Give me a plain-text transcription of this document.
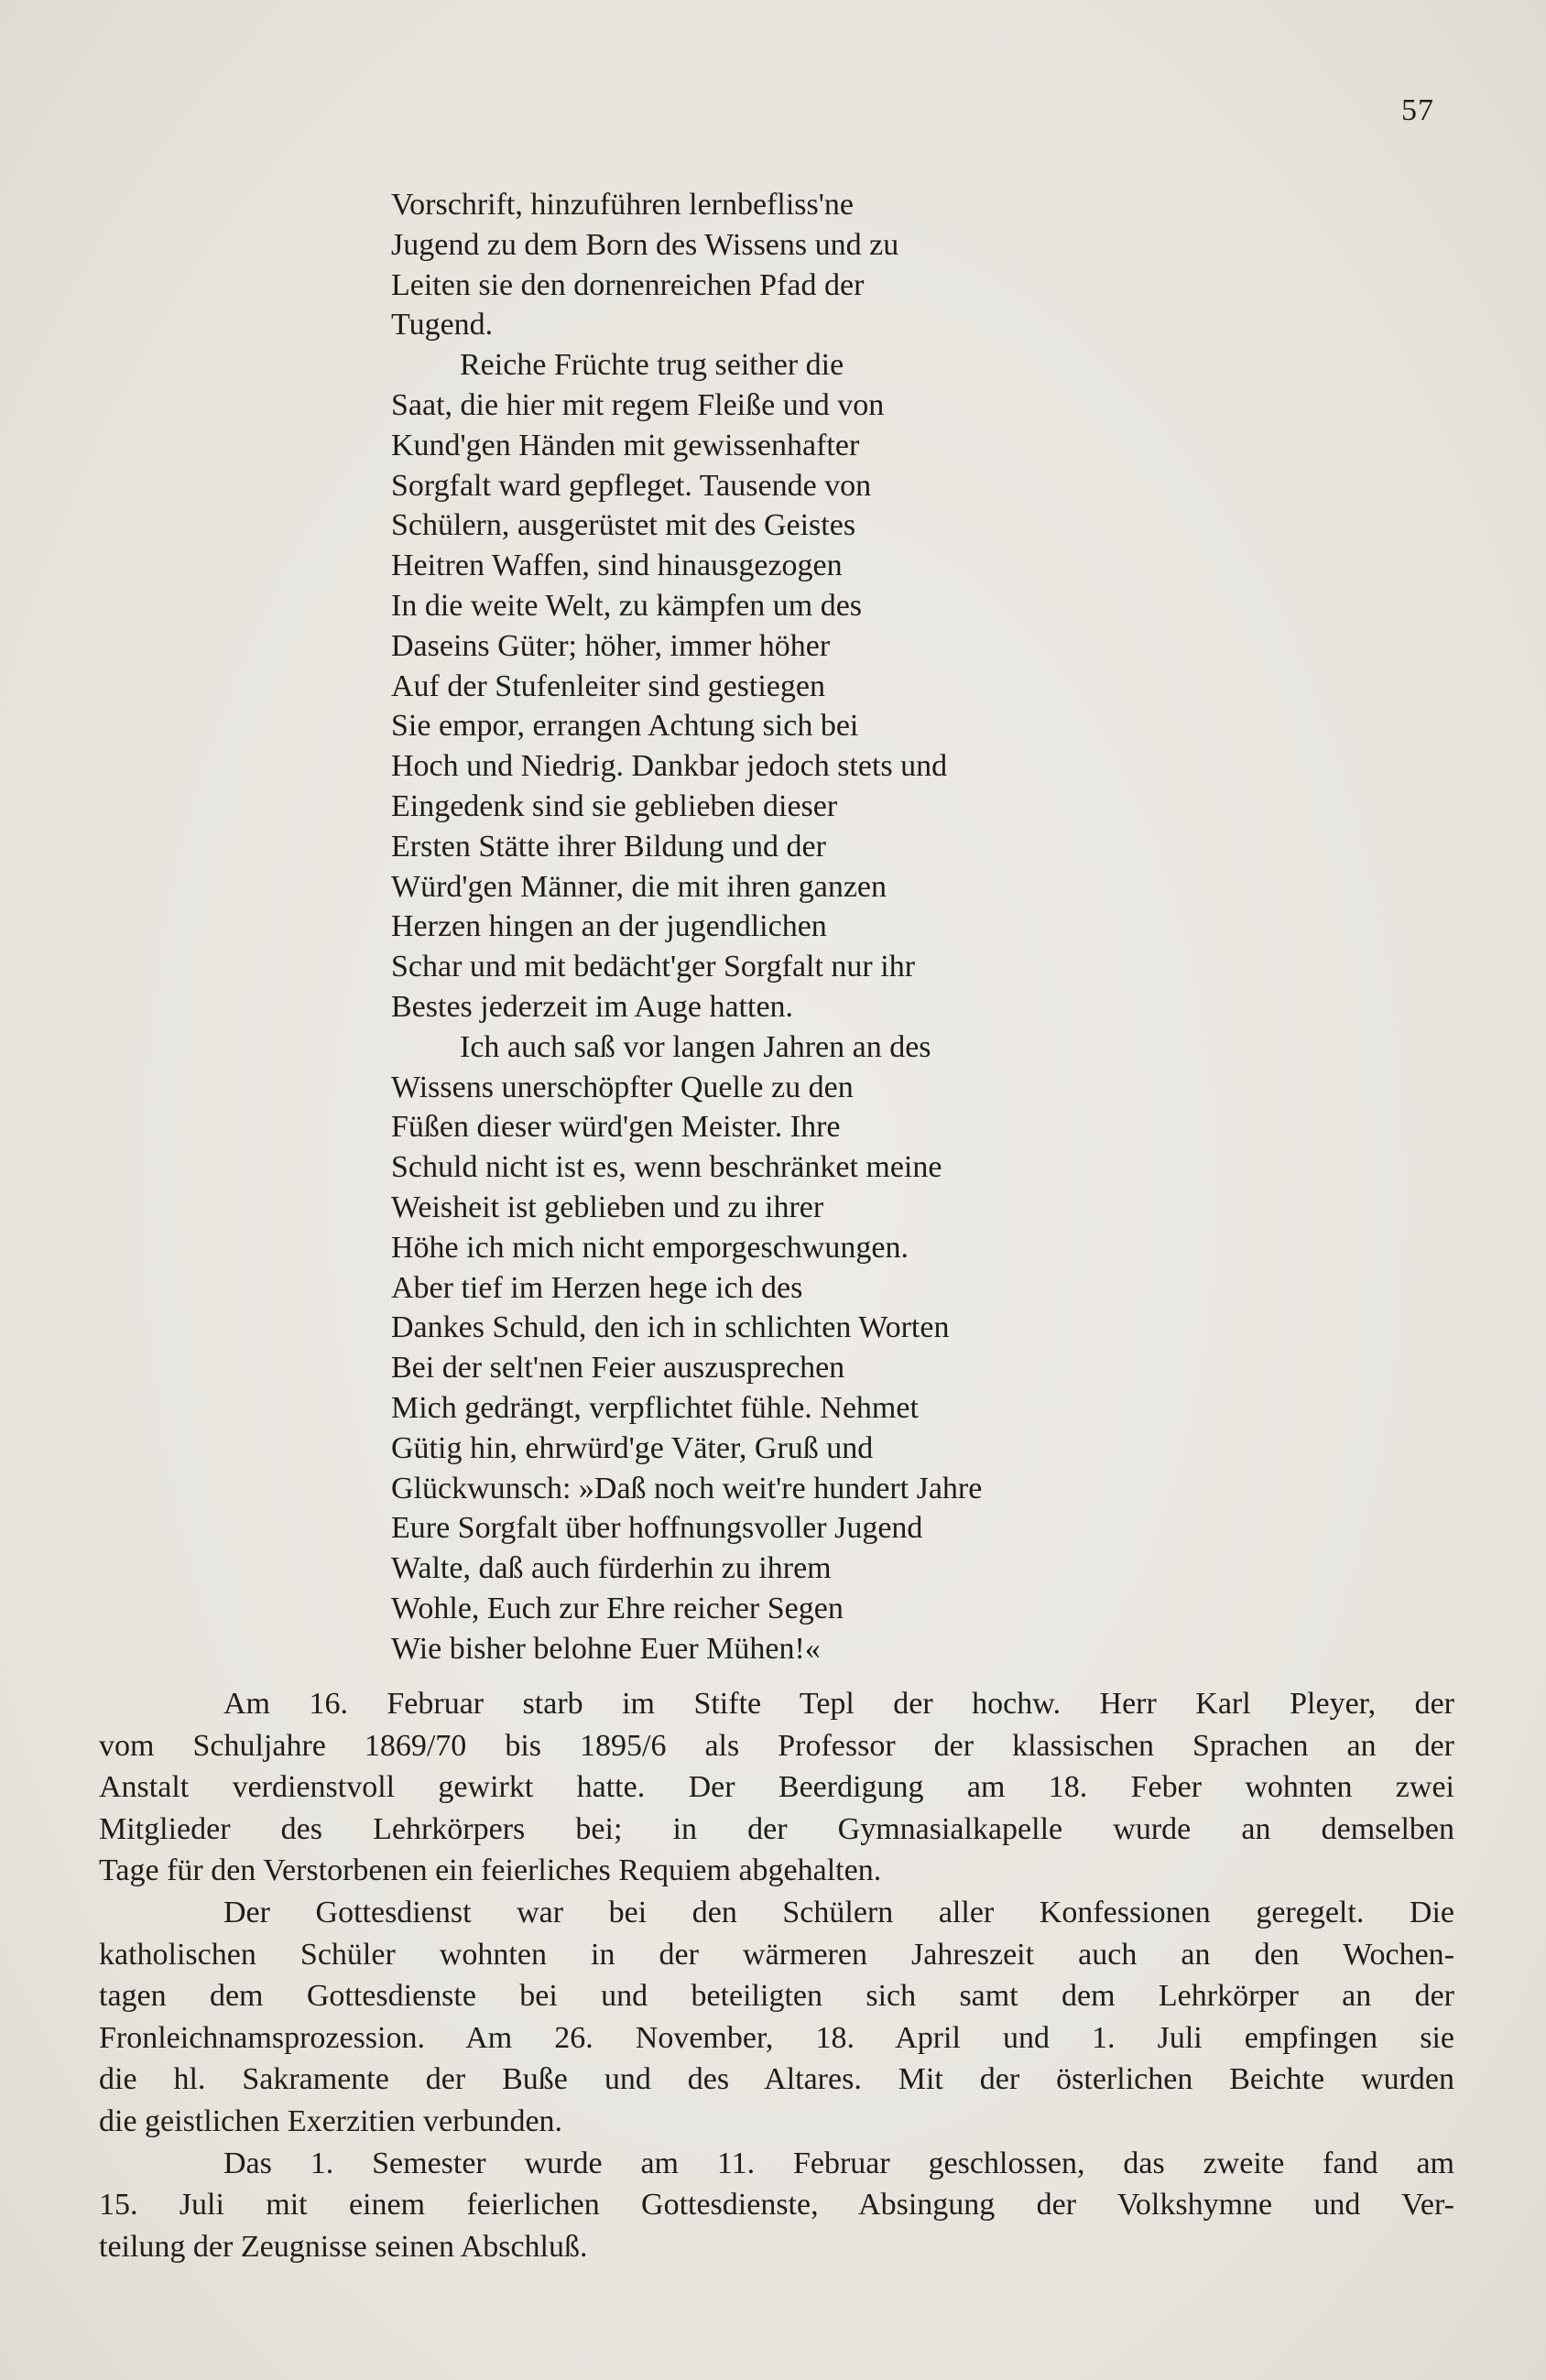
57
Vorschrift, hinzuführen lernbefliss'ne
Jugend zu dem Born des Wissens und zu
Leiten sie den dornenreichen Pfad der
Tugend.
Reiche Früchte trug seither die
Saat, die hier mit regem Fleiße und von
Kund'gen Händen mit gewissenhafter
Sorgfalt ward gepfleget. Tausende von
Schülern, ausgerüstet mit des Geistes
Heitren Waffen, sind hinausgezogen
In die weite Welt, zu kämpfen um des
Daseins Güter; höher, immer höher
Auf der Stufenleiter sind gestiegen
Sie empor, errangen Achtung sich bei
Hoch und Niedrig. Dankbar jedoch stets und
Eingedenk sind sie geblieben dieser
Ersten Stätte ihrer Bildung und der
Würd'gen Männer, die mit ihren ganzen
Herzen hingen an der jugendlichen
Schar und mit bedächt'ger Sorgfalt nur ihr
Bestes jederzeit im Auge hatten.
Ich auch saß vor langen Jahren an des
Wissens unerschöpfter Quelle zu den
Füßen dieser würd'gen Meister. Ihre
Schuld nicht ist es, wenn beschränket meine
Weisheit ist geblieben und zu ihrer
Höhe ich mich nicht emporgeschwungen.
Aber tief im Herzen hege ich des
Dankes Schuld, den ich in schlichten Worten
Bei der selt'nen Feier auszusprechen
Mich gedrängt, verpflichtet fühle. Nehmet
Gütig hin, ehrwürd'ge Väter, Gruß und
Glückwunsch: »Daß noch weit're hundert Jahre
Eure Sorgfalt über hoffnungsvoller Jugend
Walte, daß auch fürderhin zu ihrem
Wohle, Euch zur Ehre reicher Segen
Wie bisher belohne Euer Mühen!«
Am 16. Februar starb im Stifte Tepl der hochw. Herr Karl Pleyer, der
vom Schuljahre 1869/70 bis 1895/6 als Professor der klassischen Sprachen an der
Anstalt verdienstvoll gewirkt hatte. Der Beerdigung am 18. Feber wohnten zwei
Mitglieder des Lehrkörpers bei; in der Gymnasialkapelle wurde an demselben
Tage für den Verstorbenen ein feierliches Requiem abgehalten.
Der Gottesdienst war bei den Schülern aller Konfessionen geregelt. Die
katholischen Schüler wohnten in der wärmeren Jahreszeit auch an den Wochen-
tagen dem Gottesdienste bei und beteiligten sich samt dem Lehrkörper an der
Fronleichnamsprozession. Am 26. November, 18. April und 1. Juli empfingen sie
die hl. Sakramente der Buße und des Altares. Mit der österlichen Beichte wurden
die geistlichen Exerzitien verbunden.
Das 1. Semester wurde am 11. Februar geschlossen, das zweite fand am
15. Juli mit einem feierlichen Gottesdienste, Absingung der Volkshymne und Ver-
teilung der Zeugnisse seinen Abschluß.
